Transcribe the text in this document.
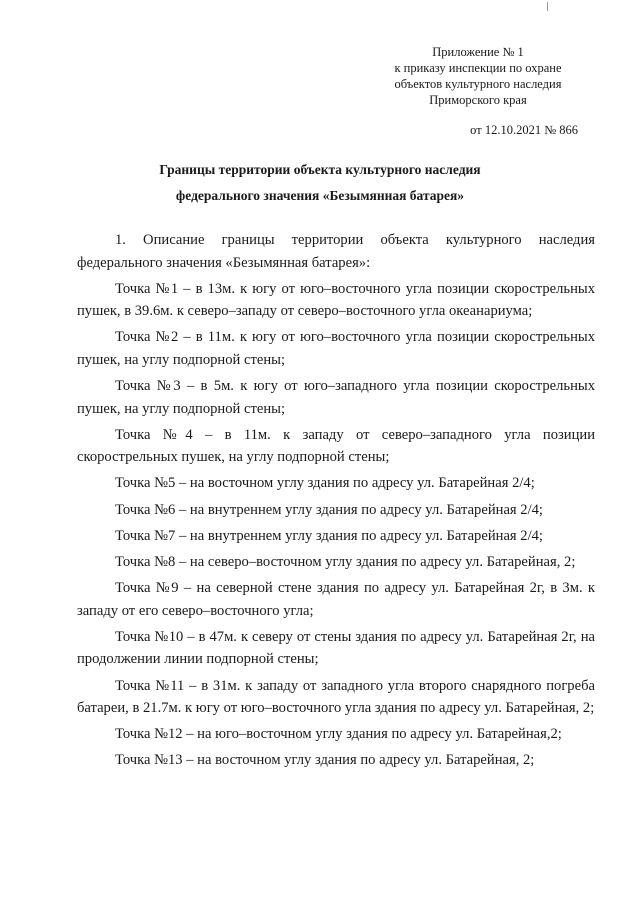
Приложение № 1
к приказу инспекции по охране
объектов культурного наследия
Приморского края
от 12.10.2021 № 866
Границы территории объекта культурного наследия
федерального значения «Безымянная батарея»

1. Описание границы территории объекта культурного наследия федерального значения «Безымянная батарея»:

Точка №1 – в 13м. к югу от юго–восточного угла позиции скорострельных пушек, в 39.6м. к северо–западу от северо–восточного угла океанариума;

Точка №2 – в 11м. к югу от юго–восточного угла позиции скорострельных пушек, на углу подпорной стены;

Точка №3 – в 5м. к югу от юго–западного угла позиции скорострельных пушек, на углу подпорной стены;

Точка №4 – в 11м. к западу от северо–западного угла позиции скорострельных пушек, на углу подпорной стены;

Точка №5 – на восточном углу здания по адресу ул. Батарейная 2/4;

Точка №6 – на внутреннем углу здания по адресу ул. Батарейная 2/4;

Точка №7 – на внутреннем углу здания по адресу ул. Батарейная 2/4;

Точка №8 – на северо–восточном углу здания по адресу ул. Батарейная, 2;

Точка №9 – на северной стене здания по адресу ул. Батарейная 2г, в 3м. к западу от его северо–восточного угла;

Точка №10 – в 47м. к северу от стены здания по адресу ул. Батарейная 2г, на продолжении линии подпорной стены;

Точка №11 – в 31м. к западу от западного угла второго снарядного погреба батареи, в 21.7м. к югу от юго–восточного угла здания по адресу ул. Батарейная, 2;

Точка №12 – на юго–восточном углу здания по адресу ул. Батарейная,2;

Точка №13 – на восточном углу здания по адресу ул. Батарейная, 2;
